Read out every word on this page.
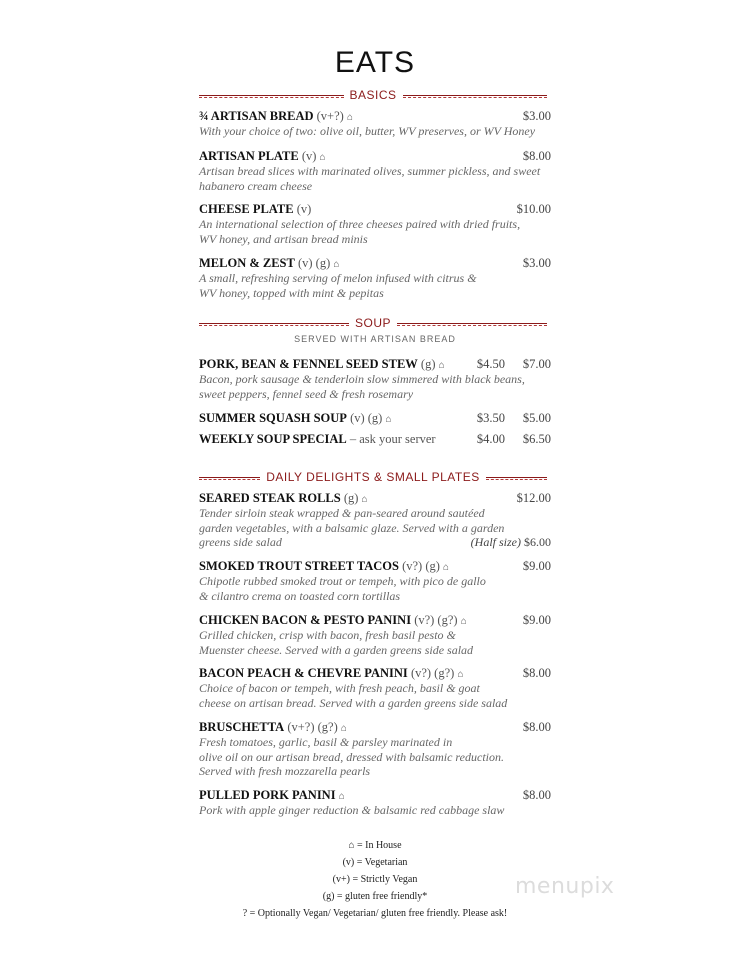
EATS
BASICS
¾ ARTISAN BREAD (v+?) ⌂	$3.00
With your choice of two: olive oil, butter, WV preserves, or WV Honey
ARTISAN PLATE (v) ⌂	$8.00
Artisan bread slices with marinated olives, summer pickless, and sweet
habanero cream cheese
CHEESE PLATE (v)	$10.00
An international selection of three cheeses paired with dried fruits,
WV honey, and artisan bread minis
MELON & ZEST (v) (g) ⌂	$3.00
A small, refreshing serving of melon infused with citrus &
WV honey, topped with mint & pepitas
SOUP
SERVED WITH ARTISAN BREAD
PORK, BEAN & FENNEL SEED STEW (g) ⌂	$4.50 $7.00
Bacon, pork sausage & tenderloin slow simmered with black beans,
sweet peppers, fennel seed & fresh rosemary
SUMMER SQUASH SOUP (v) (g) ⌂	$3.50 $5.00
WEEKLY SOUP SPECIAL – ask your server	$4.00 $6.50
DAILY DELIGHTS & SMALL PLATES
SEARED STEAK ROLLS (g) ⌂	$12.00
Tender sirloin steak wrapped & pan-seared around sautéed
garden vegetables, with a balsamic glaze. Served with a garden
greens side salad	(Half size) $6.00
SMOKED TROUT STREET TACOS (v?) (g) ⌂	$9.00
Chipotle rubbed smoked trout or tempeh, with pico de gallo
& cilantro crema on toasted corn tortillas
CHICKEN BACON & PESTO PANINI (v?) (g?) ⌂	$9.00
Grilled chicken, crisp with bacon, fresh basil pesto &
Muenster cheese. Served with a garden greens side salad
BACON PEACH & CHEVRE PANINI (v?) (g?) ⌂	$8.00
Choice of bacon or tempeh, with fresh peach, basil & goat
cheese on artisan bread. Served with a garden greens side salad
BRUSCHETTA (v+?) (g?) ⌂	$8.00
Fresh tomatoes, garlic, basil & parsley marinated in
olive oil on our artisan bread, dressed with balsamic reduction.
Served with fresh mozzarella pearls
PULLED PORK PANINI ⌂	$8.00
Pork with apple ginger reduction & balsamic red cabbage slaw
⌂ = In House
(v) = Vegetarian
(v+) = Strictly Vegan
(g) = gluten free friendly*
? = Optionally Vegan/ Vegetarian/ gluten free friendly. Please ask!
menupix
